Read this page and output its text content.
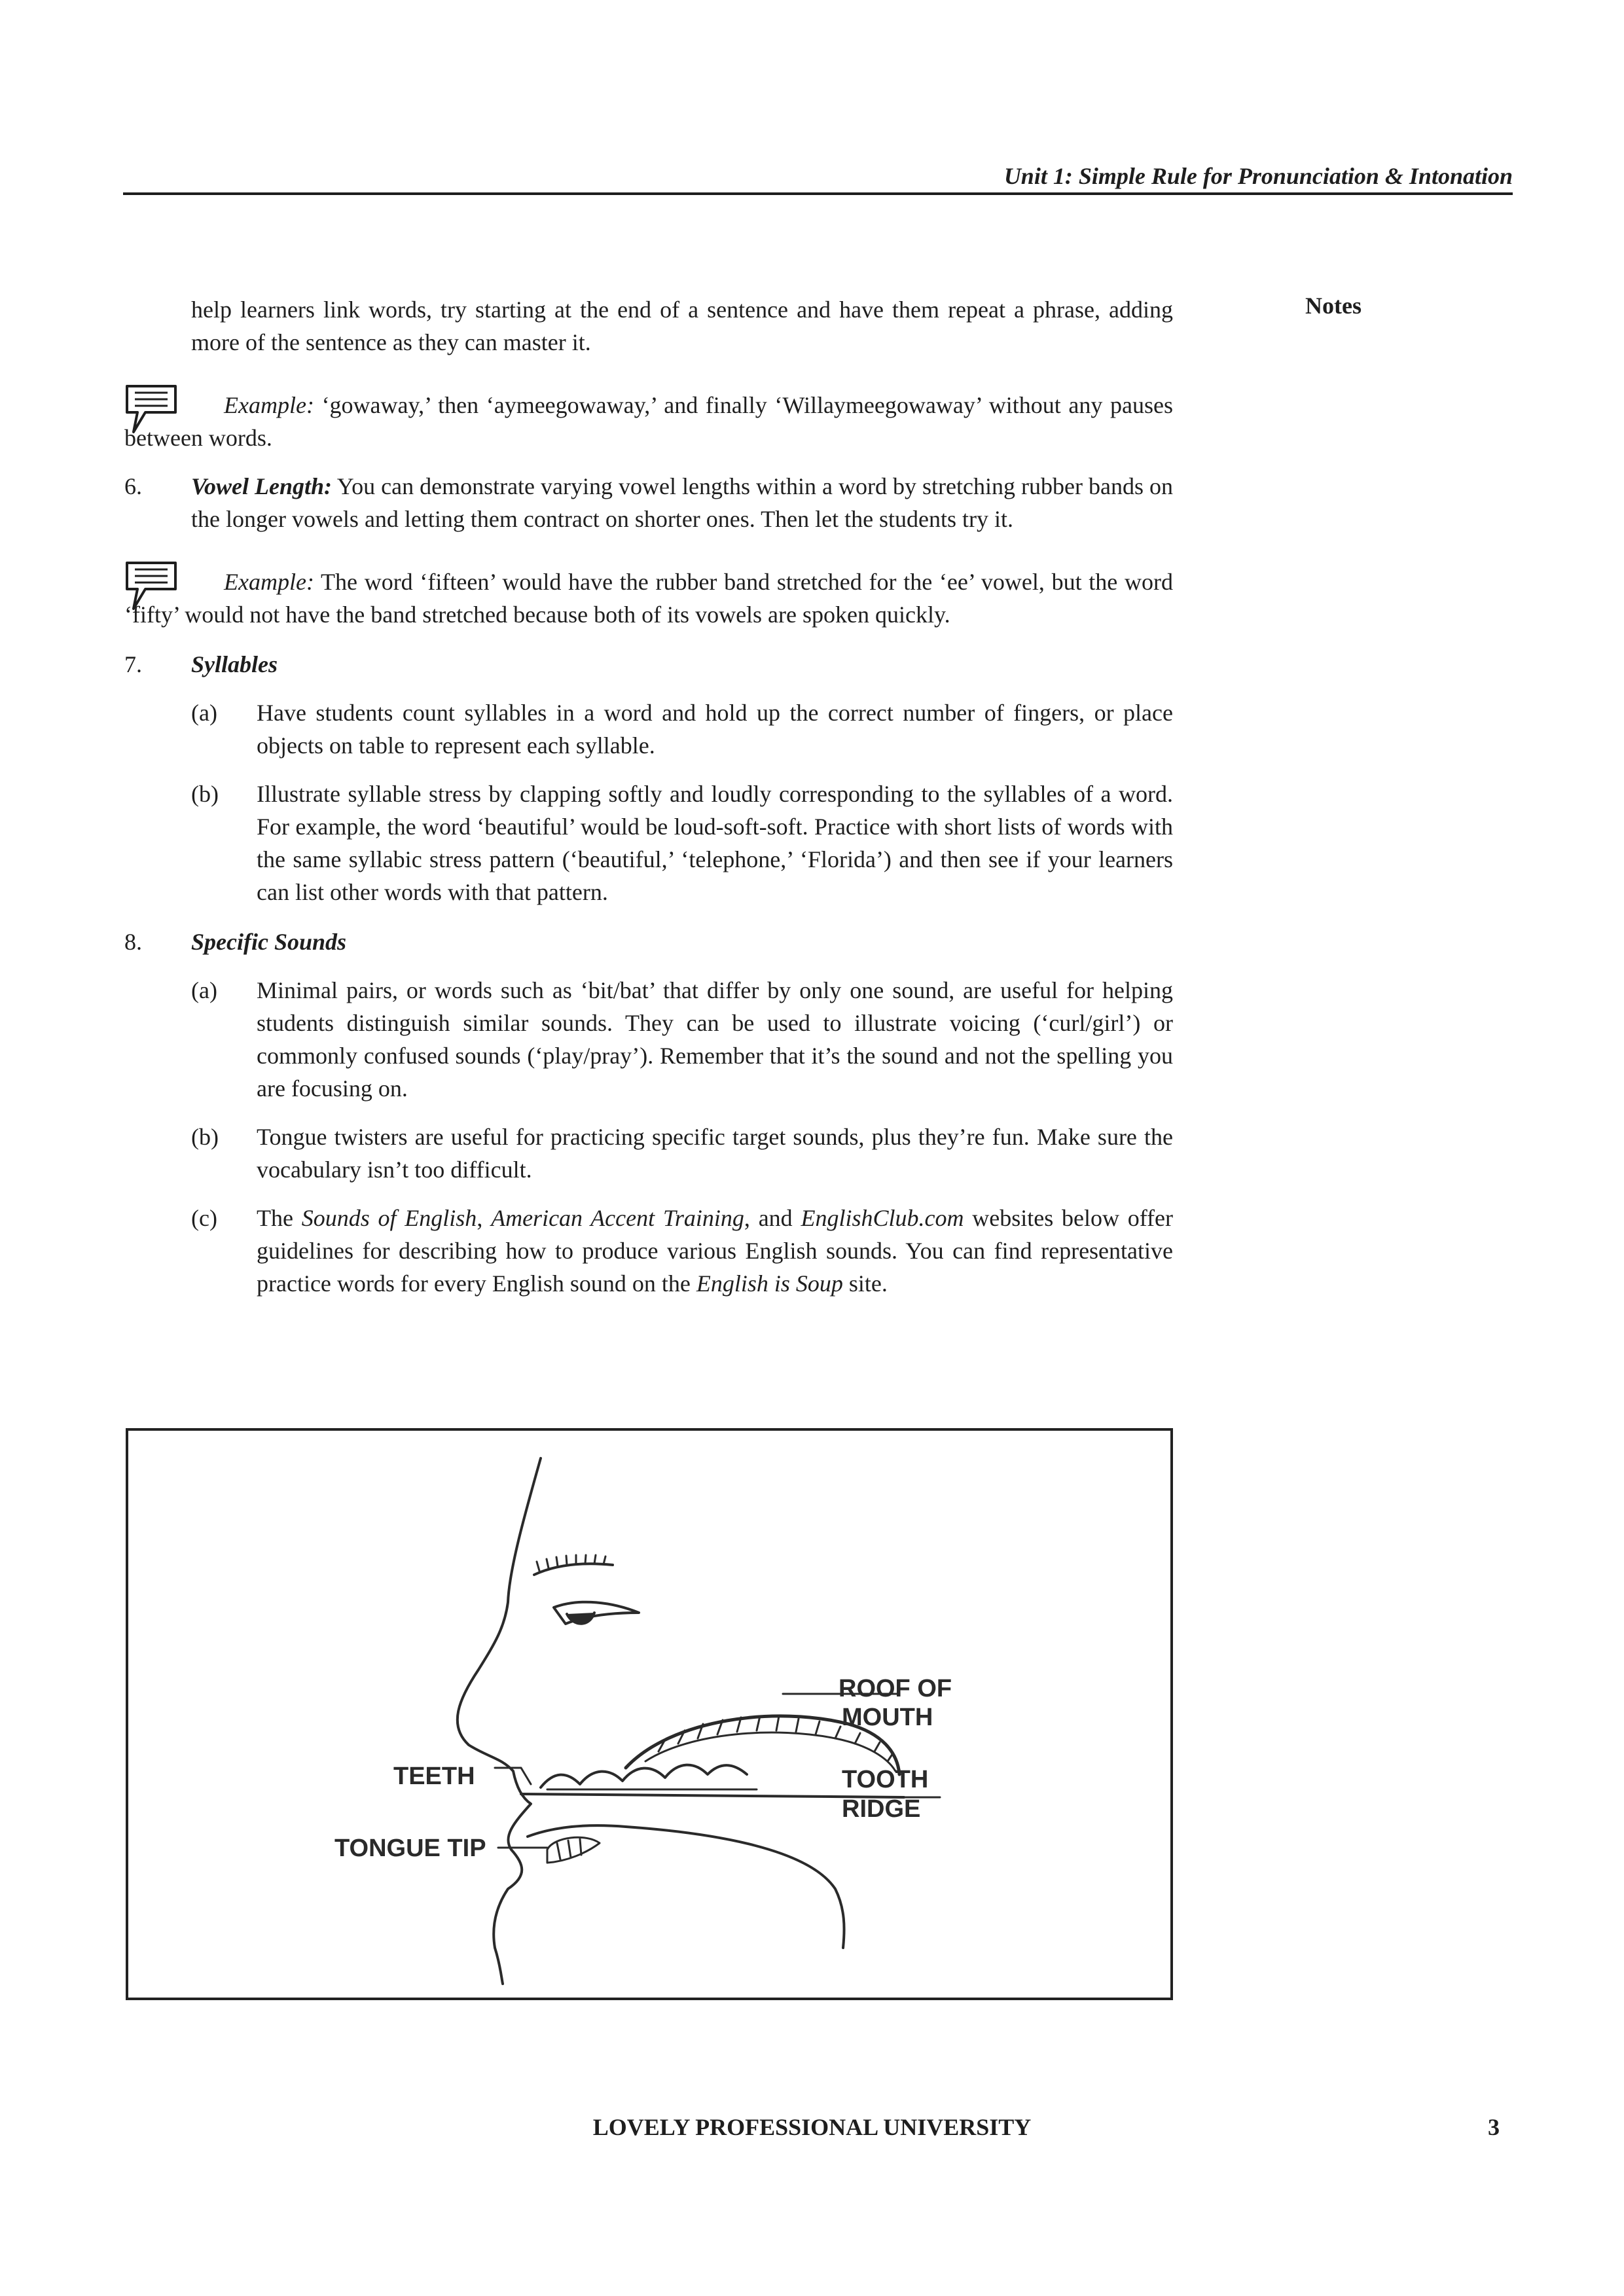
Unit 1: Simple Rule for Pronunciation & Intonation
Notes

help learners link words, try starting at the end of a sentence and have them repeat a phrase, adding more of the sentence as they can master it.

Example: ‘gowaway,’ then ‘aymeegowaway,’ and finally ‘Willaymeegowaway’ without any pauses between words.

6. Vowel Length: You can demonstrate varying vowel lengths within a word by stretching rubber bands on the longer vowels and letting them contract on shorter ones. Then let the students try it.

Example: The word ‘fifteen’ would have the rubber band stretched for the ‘ee’ vowel, but the word ‘fifty’ would not have the band stretched because both of its vowels are spoken quickly.

7. Syllables
(a) Have students count syllables in a word and hold up the correct number of fingers, or place objects on table to represent each syllable.
(b) Illustrate syllable stress by clapping softly and loudly corresponding to the syllables of a word. For example, the word ‘beautiful’ would be loud-soft-soft. Practice with short lists of words with the same syllabic stress pattern (‘beautiful,’ ‘telephone,’ ‘Florida’) and then see if your learners can list other words with that pattern.
8. Specific Sounds
(a) Minimal pairs, or words such as ‘bit/bat’ that differ by only one sound, are useful for helping students distinguish similar sounds. They can be used to illustrate voicing (‘curl/girl’) or commonly confused sounds (‘play/pray’). Remember that it’s the sound and not the spelling you are focusing on.
(b) Tongue twisters are useful for practicing specific target sounds, plus they’re fun. Make sure the vocabulary isn’t too difficult.
(c) The Sounds of English, American Accent Training, and EnglishClub.com websites below offer guidelines for describing how to produce various English sounds. You can find representative practice words for every English sound on the English is Soup site.
ROOF OF
MOUTH
TOOTH
RIDGE
TEETH
TONGUE TIP
LOVELY PROFESSIONAL UNIVERSITY	3
